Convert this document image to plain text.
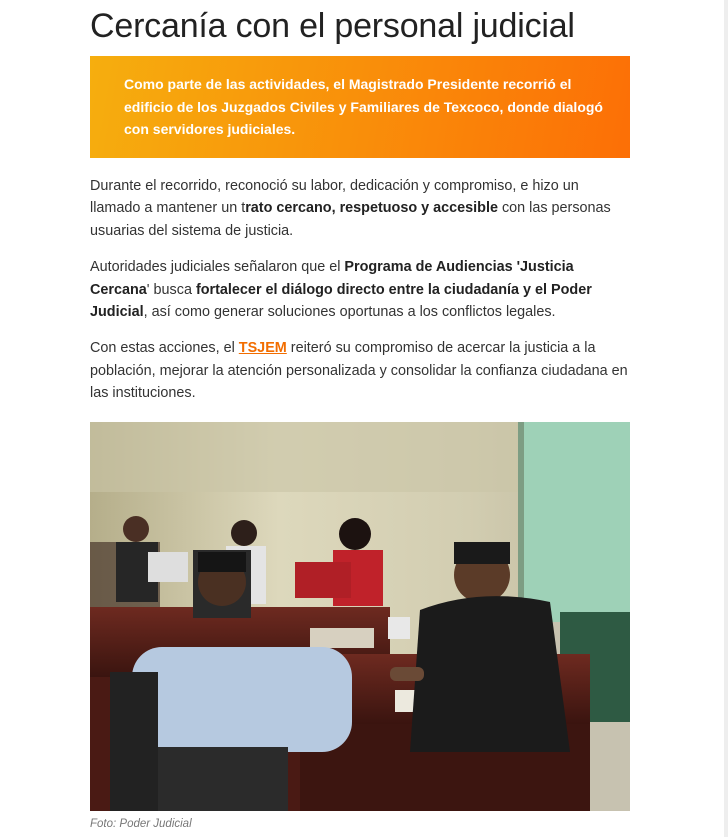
Cercanía con el personal judicial
Como parte de las actividades, el Magistrado Presidente recorrió el edificio de los Juzgados Civiles y Familiares de Texcoco, donde dialogó con servidores judiciales.

Durante el recorrido, reconoció su labor, dedicación y compromiso, e hizo un llamado a mantener un trato cercano, respetuoso y accesible con las personas usuarias del sistema de justicia.

Autoridades judiciales señalaron que el Programa de Audiencias 'Justicia Cercana' busca fortalecer el diálogo directo entre la ciudadanía y el Poder Judicial, así como generar soluciones oportunas a los conflictos legales.

Con estas acciones, el TSJEM reiteró su compromiso de acercar la justicia a la población, mejorar la atención personalizada y consolidar la confianza ciudadana en las instituciones.

Foto: Poder Judicial
